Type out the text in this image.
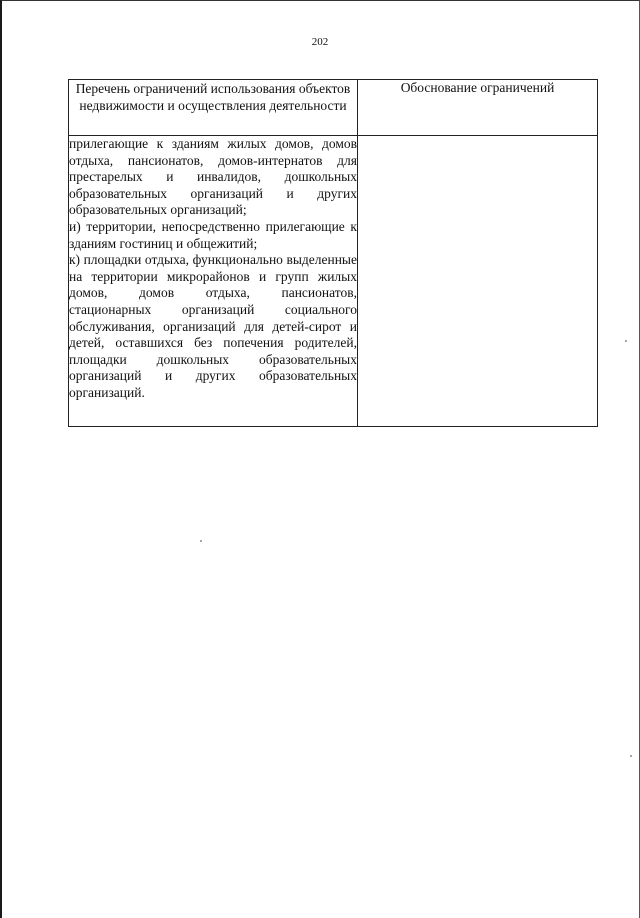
202
Перечень ограничений использования объектов недвижимости и осуществления деятельности	Обоснование ограничений

прилегающие к зданиям жилых домов, домов отдыха, пансионатов, домов-интернатов для престарелых и инвалидов, дошкольных образовательных организаций и других образовательных организаций;

и) территории, непосредственно прилегающие к зданиям гостиниц и общежитий;

к) площадки отдыха, функционально выделенные на территории микрорайонов и групп жилых домов, домов отдыха, пансионатов, стационарных организаций социального обслуживания, организаций для детей-сирот и детей, оставшихся без попечения родителей, площадки дошкольных образовательных организаций и других образовательных организаций.	
